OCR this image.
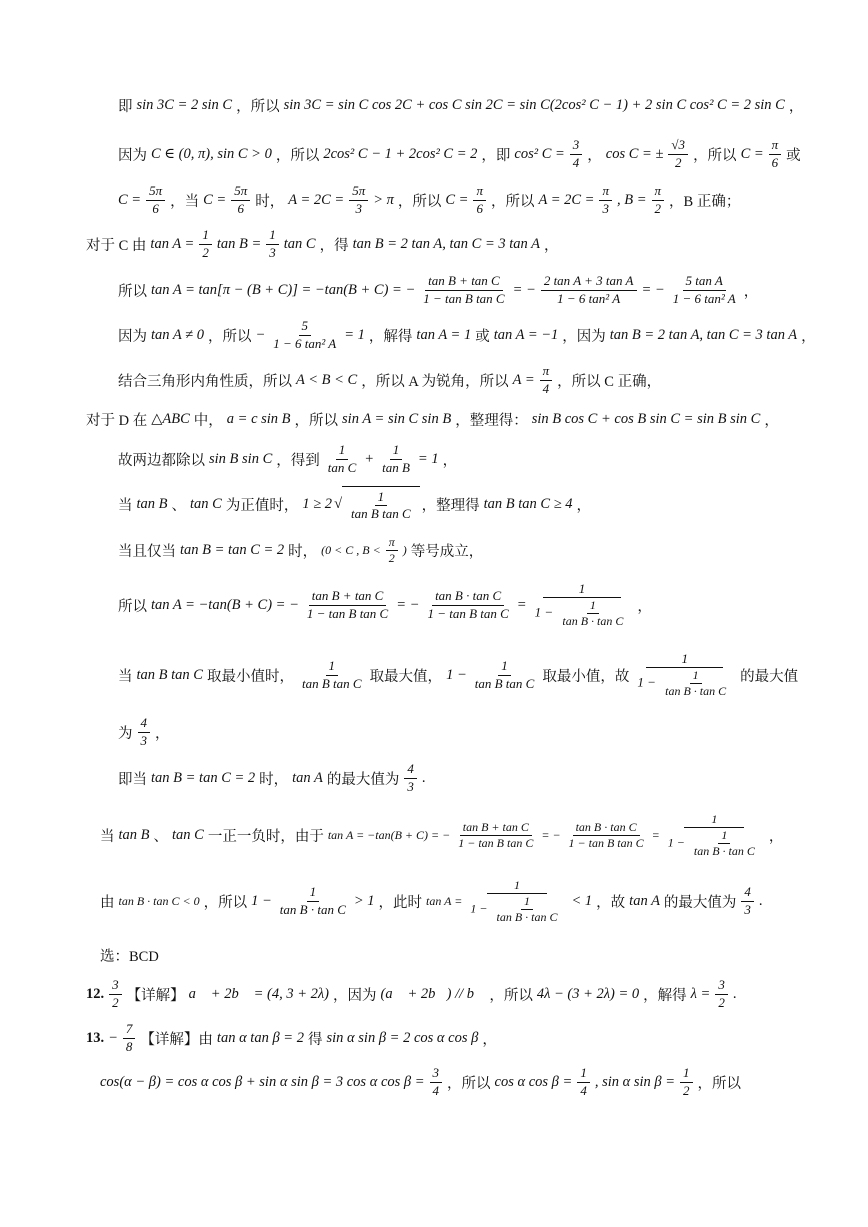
即 sin 3C = 2 sin C ，所以 sin 3C = sin C cos 2C + cos C sin 2C = sin C(2cos² C − 1) + 2 sin C cos² C = 2 sin C ，
因为 C ∈ (0, π), sin C > 0 ，所以 2cos² C − 1 + 2cos² C = 2 ，即 cos² $C = \frac{3}{4}$ ， cos C = ± $\frac{√3}{2}$ ，所以 $C = \frac{\pi}{6}$ 或
$C = \frac{5\pi}{6}$ ，当 $C = \frac{5\pi}{6}$ 时， $A = 2C = \frac{5\pi}{3} > \pi$ ，所以 $C = \frac{\pi}{6}$ ，所以 $A = 2C = \frac{\pi}{3}$ , $B = \frac{\pi}{2}$ ，B 正确；
对于 C 由 $\tan A = \frac{1}{2}$ $\tan B = \frac{1}{3}$ tan C ，得 tan B = 2 tan A, tan C = 3 tan A ，
所以 tan A = tan[π − (B + C)] = −tan(B + C) = − $\frac{\text{tan B + tan C}}{\text{1 − tan B tan C}}$ = − $\frac{\text{2 tan A + 3 tan A}}{\text{1 − 6 tan² A}}$ = − $\frac{\text{5 tan A}}{\text{1 − 6 tan² A}}$ ，
因为 tan A ≠ 0 ，所以 − $\frac{5}{\text{1 − 6 tan² A}} = 1$ ，解得 tan A = 1 或 tan A = −1 ，因为 tan B = 2 tan A, tan C = 3 tan A ，
结合三角形内角性质，所以 A < B < C ，所以 A 为锐角，所以 $A = \frac{\pi}{4}$ ，所以 C 正确，
对于 D 在 △ABC 中， a = c sin B ，所以 sin A = sin C sin B ，整理得： sin B cos C + cos B sin C = sin B sin C ，
故两边都除以 sin B sin C ，得到 $\frac{1}{\text{tan C}} + \frac{1}{\text{tan B}} = 1$ ，
当 tan B 、 tan C 为正值时， 1 ≥ 2 √ $\frac{1}{\text{tan B tan C}}$ ，整理得 tan B tan C ≥ 4 ，
当且仅当 tan B = tan C = 2 时， (0 < C , $B < \frac{\pi}{2}$ ) 等号成立，
所以 tan A = −tan(B + C) = − $\frac{\text{tan B + tan C}}{\text{1 − tan B tan C}}$ = − $\frac{\text{tan B · tan C}}{\text{1 − tan B tan C}} = \frac{1}{1 - \frac{1}{\text{tan B · tan C}}}$ ，
当 tan B tan C 取最小值时， $\frac{1}{\text{tan B tan C}}$ 取最大值， $1 - \frac{1}{\text{tan B tan C}}$ 取最小值，故 $\frac{1}{1 - \frac{1}{\text{tan B · tan C}}}$ 的最大值
为 $\frac{4}{3}$ ，
即当 tan B = tan C = 2 时， tan A 的最大值为 $\frac{4}{3}$ .
当 tan B 、 tan C 一正一负时，由于 tan A = −tan(B + C) = − $\frac{\text{tan B + tan C}}{\text{1 − tan B tan C}}$ = − $\frac{\text{tan B · tan C}}{\text{1 − tan B tan C}} = \frac{1}{1 - \frac{1}{\text{tan B · tan C}}}$ ，
由 tan B · tan C < 0 ，所以 $1 - \frac{1}{\text{tan B · tan C}} > 1$ ，此时 $\tan A = \frac{1}{1 - \frac{1}{\text{tan B · tan C}}} < 1$ ，故 tan A 的最大值为 $\frac{4}{3}$ .
选：BCD
12. $\frac{3}{2}$ 【详解】 a⃗ + 2b⃗ = (4, 3 + 2λ) ，因为 (a⃗ + 2b⃗) // b⃗ ，所以 4λ − (3 + 2λ) = 0 ，解得 $\lambda = \frac{3}{2}$ .
13. − $\frac{7}{8}$ 【详解】由 tan α tan β = 2 得 sin α sin β = 2 cos α cos β ，
cos(α − β) = cos α cos β + sin α sin β = 3 cos α $\cos \beta = \frac{3}{4}$ ，所以 cos α $\cos \beta = \frac{1}{4}$ , sin α $\sin \beta = \frac{1}{2}$ ，所以
